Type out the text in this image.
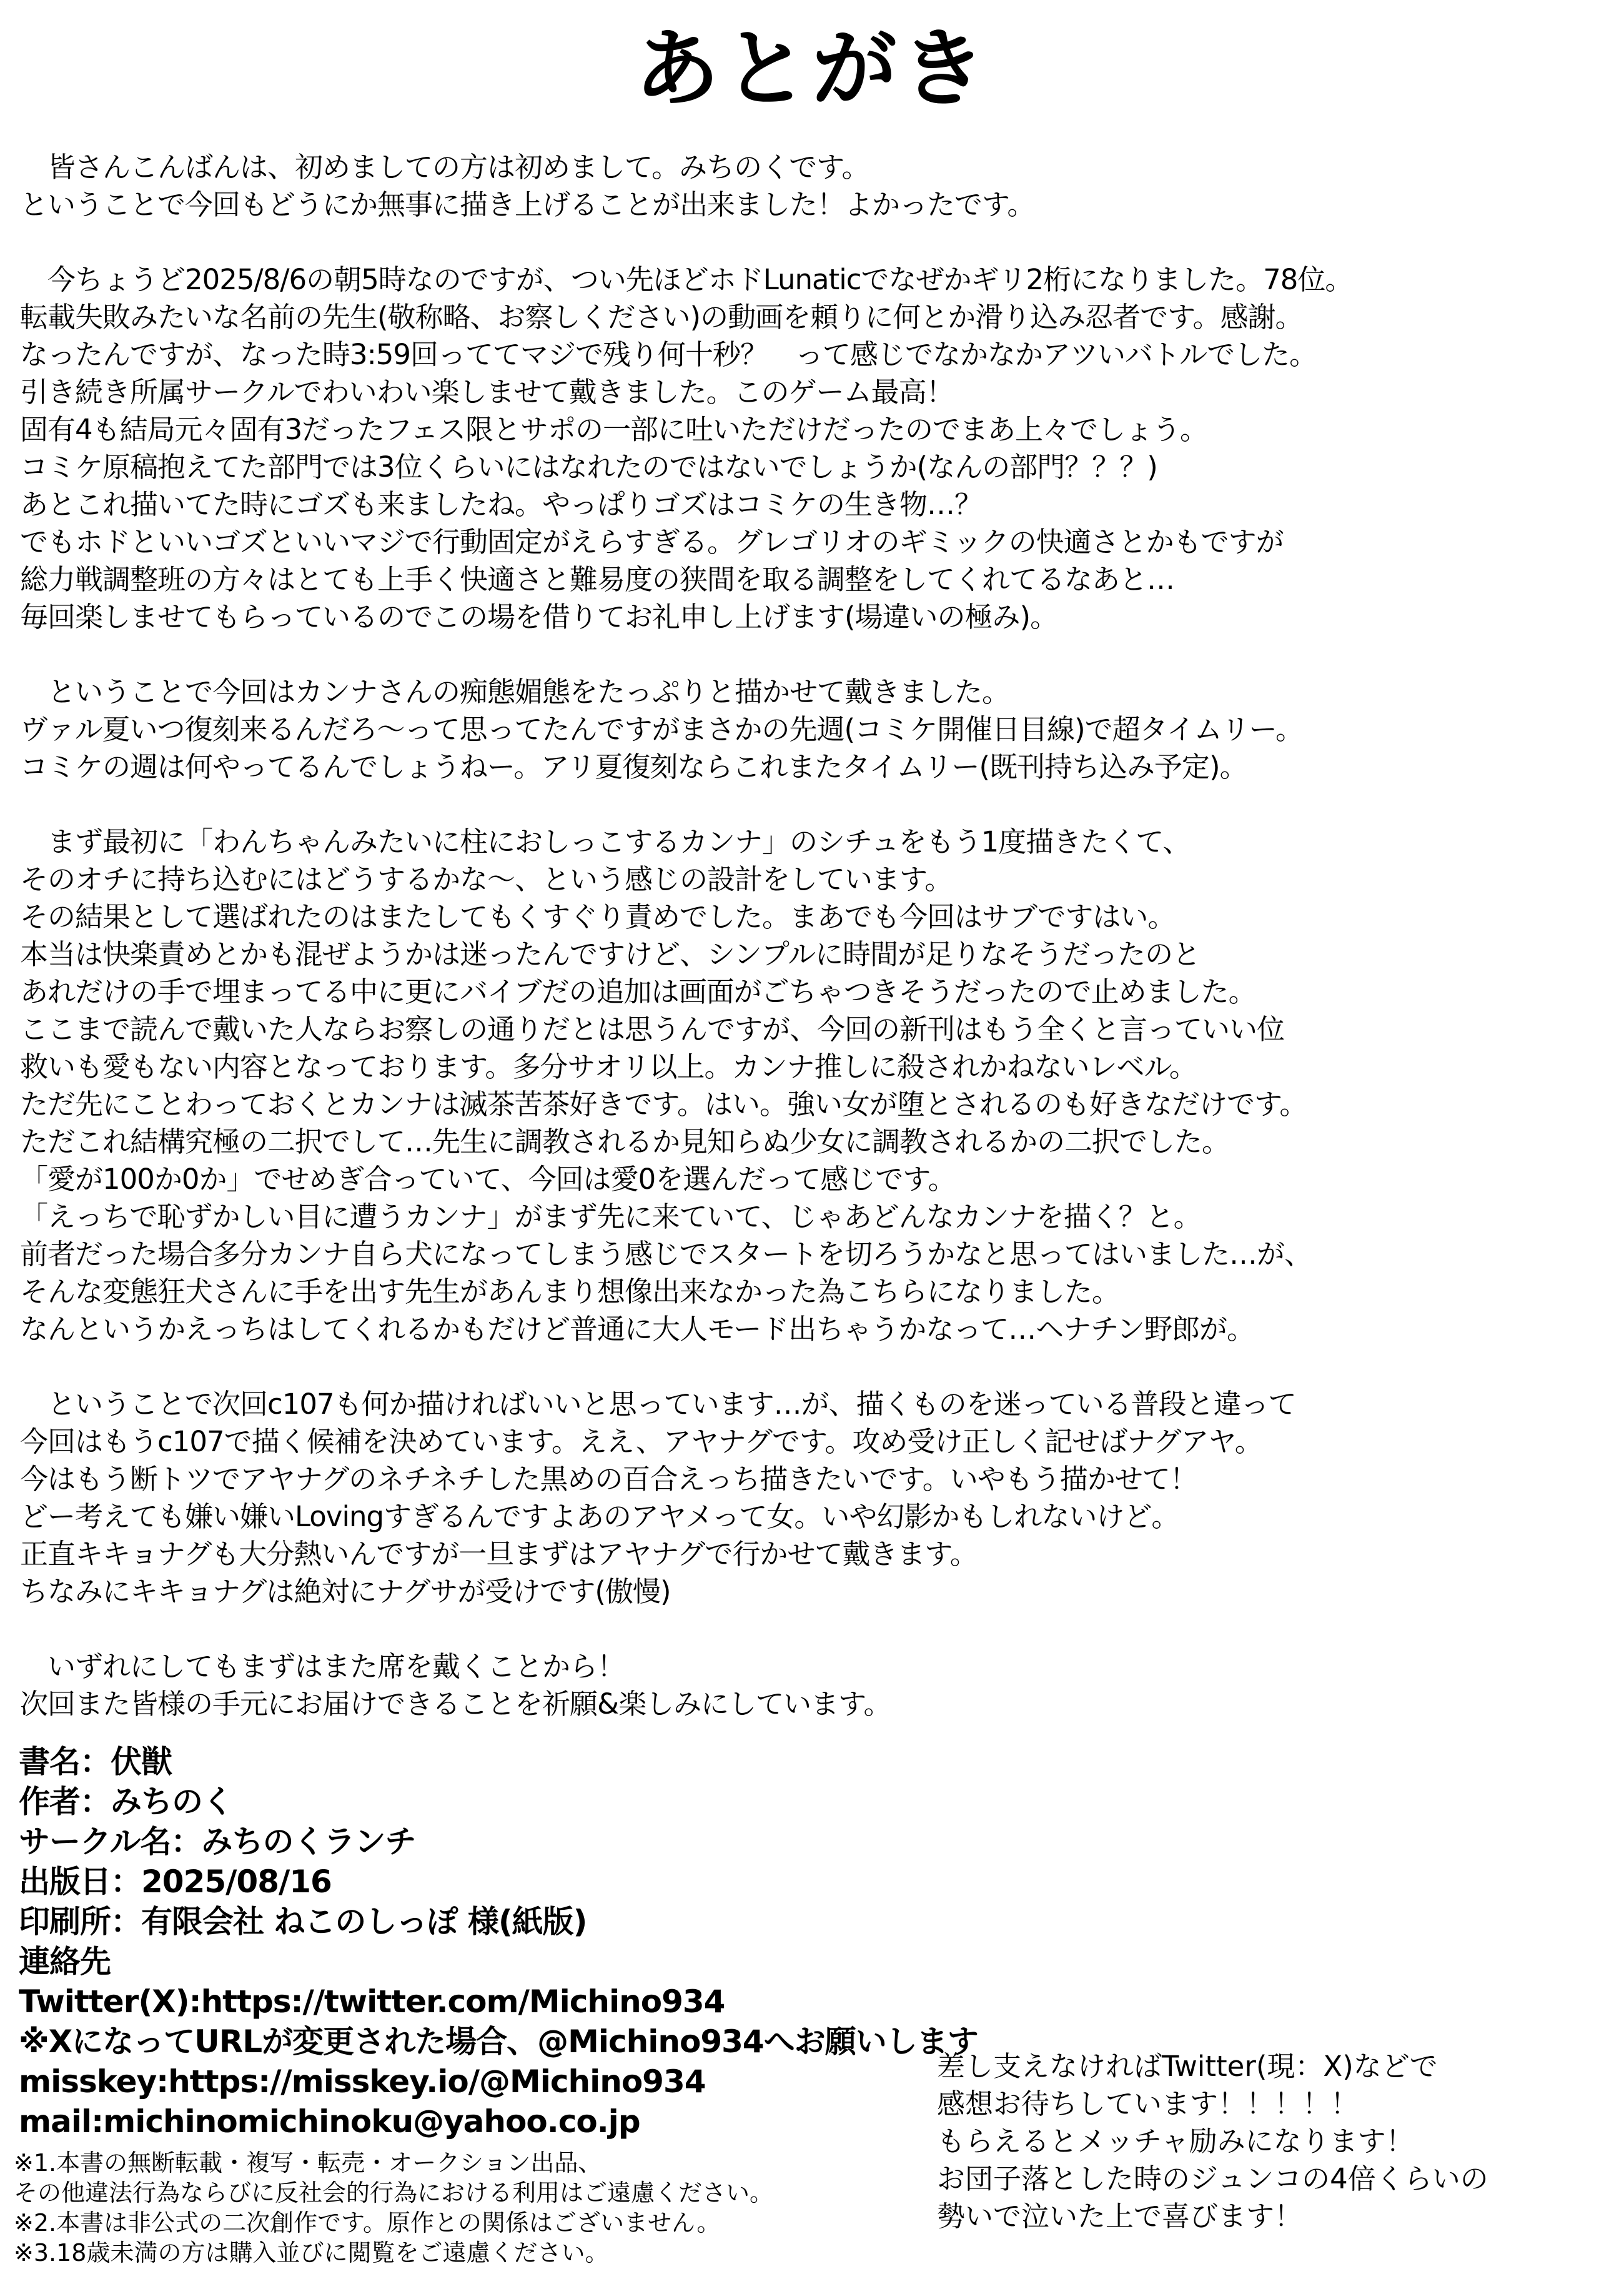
あとがき
　皆さんこんばんは、初めましての方は初めまして。みちのくです。
ということで今回もどうにか無事に描き上げることが出来ました！よかったです。

　今ちょうど2025/8/6の朝5時なのですが、つい先ほどホドLunaticでなぜかギリ2桁になりました。78位。
転載失敗みたいな名前の先生(敬称略、お察しください)の動画を頼りに何とか滑り込み忍者です。感謝。
なったんですが、なった時3:59回っててマジで残り何十秒？　って感じでなかなかアツいバトルでした。
引き続き所属サークルでわいわい楽しませて戴きました。このゲーム最高！
固有4も結局元々固有3だったフェス限とサポの一部に吐いただけだったのでまあ上々でしょう。
コミケ原稿抱えてた部門では3位くらいにはなれたのではないでしょうか(なんの部門？？？)
あとこれ描いてた時にゴズも来ましたね。やっぱりゴズはコミケの生き物…？
でもホドといいゴズといいマジで行動固定がえらすぎる。グレゴリオのギミックの快適さとかもですが
総力戦調整班の方々はとても上手く快適さと難易度の狭間を取る調整をしてくれてるなあと…
毎回楽しませてもらっているのでこの場を借りてお礼申し上げます(場違いの極み)。

　ということで今回はカンナさんの痴態媚態をたっぷりと描かせて戴きました。
ヴァル夏いつ復刻来るんだろ～って思ってたんですがまさかの先週(コミケ開催日目線)で超タイムリー。
コミケの週は何やってるんでしょうねー。アリ夏復刻ならこれまたタイムリー(既刊持ち込み予定)。

　まず最初に「わんちゃんみたいに柱におしっこするカンナ」のシチュをもう1度描きたくて、
そのオチに持ち込むにはどうするかな～、という感じの設計をしています。
その結果として選ばれたのはまたしてもくすぐり責めでした。まあでも今回はサブですはい。
本当は快楽責めとかも混ぜようかは迷ったんですけど、シンプルに時間が足りなそうだったのと
あれだけの手で埋まってる中に更にバイブだの追加は画面がごちゃつきそうだったので止めました。
ここまで読んで戴いた人ならお察しの通りだとは思うんですが、今回の新刊はもう全くと言っていい位
救いも愛もない内容となっております。多分サオリ以上。カンナ推しに殺されかねないレベル。
ただ先にことわっておくとカンナは滅茶苦茶好きです。はい。強い女が堕とされるのも好きなだけです。
ただこれ結構究極の二択でして…先生に調教されるか見知らぬ少女に調教されるかの二択でした。
「愛が100か0か」でせめぎ合っていて、今回は愛0を選んだって感じです。
「えっちで恥ずかしい目に遭うカンナ」がまず先に来ていて、じゃあどんなカンナを描く？と。
前者だった場合多分カンナ自ら犬になってしまう感じでスタートを切ろうかなと思ってはいました…が、
そんな変態狂犬さんに手を出す先生があんまり想像出来なかった為こちらになりました。
なんというかえっちはしてくれるかもだけど普通に大人モード出ちゃうかなって…ヘナチン野郎が。

　ということで次回c107も何か描ければいいと思っています…が、描くものを迷っている普段と違って
今回はもうc107で描く候補を決めています。ええ、アヤナグです。攻め受け正しく記せばナグアヤ。
今はもう断トツでアヤナグのネチネチした黒めの百合えっち描きたいです。いやもう描かせて！
どー考えても嫌い嫌いLovingすぎるんですよあのアヤメって女。いや幻影かもしれないけど。
正直キキョナグも大分熱いんですが一旦まずはアヤナグで行かせて戴きます。
ちなみにキキョナグは絶対にナグサが受けです(傲慢)

　いずれにしてもまずはまた席を戴くことから！
次回また皆様の手元にお届けできることを祈願&楽しみにしています。
書名：伏獣
作者：みちのく
サークル名：みちのくランチ
出版日：2025/08/16
印刷所：有限会社 ねこのしっぽ 様(紙版)
連絡先
Twitter(X):https://twitter.com/Michino934
※XになってURLが変更された場合、@Michino934へお願いします
misskey:https://misskey.io/@Michino934
mail:michinomichinoku@yahoo.co.jp
※1.本書の無断転載・複写・転売・オークション出品、
その他違法行為ならびに反社会的行為における利用はご遠慮ください。
※2.本書は非公式の二次創作です。原作との関係はございません。
※3.18歳未満の方は購入並びに閲覧をご遠慮ください。
差し支えなければTwitter(現：X)などで
感想お待ちしています！！！！！
もらえるとメッチャ励みになります！
お団子落とした時のジュンコの4倍くらいの
勢いで泣いた上で喜びます！
